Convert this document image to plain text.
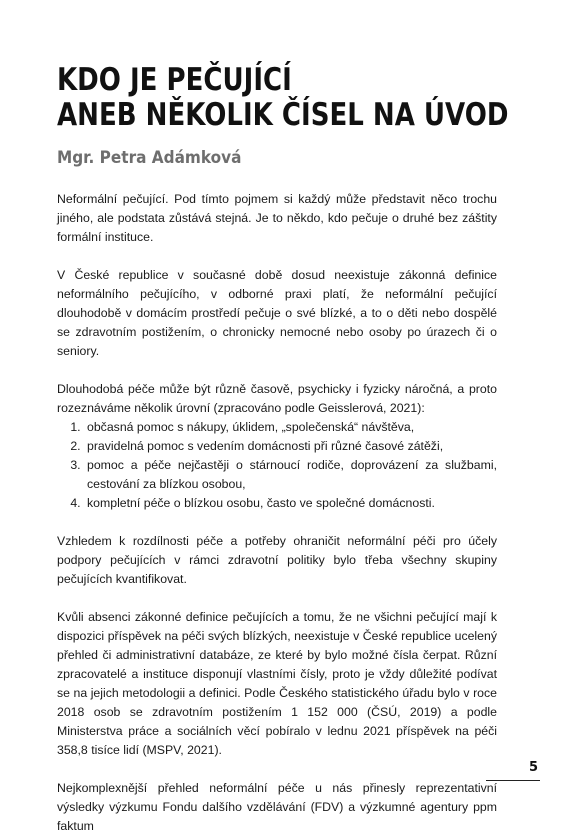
KDO JE PEČUJÍCÍ
ANEB NĚKOLIK ČÍSEL NA ÚVOD
Mgr. Petra Adámková

Neformální pečující. Pod tímto pojmem si každý může představit něco trochu jiného, ale podstata zůstává stejná. Je to někdo, kdo pečuje o druhé bez záštity formální instituce.

V České republice v současné době dosud neexistuje zákonná definice neformálního pečujícího, v odborné praxi platí, že neformální pečující dlouhodobě v domácím prostředí pečuje o své blízké, a to o děti nebo dospělé se zdravotním postižením, o chronicky nemocné nebo osoby po úrazech či o seniory.

Dlouhodobá péče může být různě časově, psychicky i fyzicky náročná, a proto rozeznáváme několik úrovní (zpracováno podle Geisslerová, 2021):

1. občasná pomoc s nákupy, úklidem, „společenská“ návštěva,
2. pravidelná pomoc s vedením domácnosti při různé časové zátěži,
3. pomoc a péče nejčastěji o stárnoucí rodiče, doprovázení za službami, cestování za blízkou osobou,
4. kompletní péče o blízkou osobu, často ve společné domácnosti.

Vzhledem k rozdílnosti péče a potřeby ohraničit neformální péči pro účely podpory pečujících v rámci zdravotní politiky bylo třeba všechny skupiny pečujících kvantifikovat.

Kvůli absenci zákonné definice pečujících a tomu, že ne všichni pečující mají k dispozici příspěvek na péči svých blízkých, neexistuje v České republice ucelený přehled či administrativní databáze, ze které by bylo možné čísla čerpat. Různí zpracovatelé a instituce disponují vlastními čísly, proto je vždy důležité podívat se na jejich metodologii a definici. Podle Českého statistického úřadu bylo v roce 2018 osob se zdravotním postižením 1 152 000 (ČSÚ, 2019) a podle Ministerstva práce a sociálních věcí pobíralo v lednu 2021 příspěvek na péči 358,8 tisíce lidí (MSPV, 2021).

Nejkomplexnější přehled neformální péče u nás přinesly reprezentativní výsledky výzkumu Fondu dalšího vzdělávání (FDV) a výzkumné agentury ppm faktum

5
